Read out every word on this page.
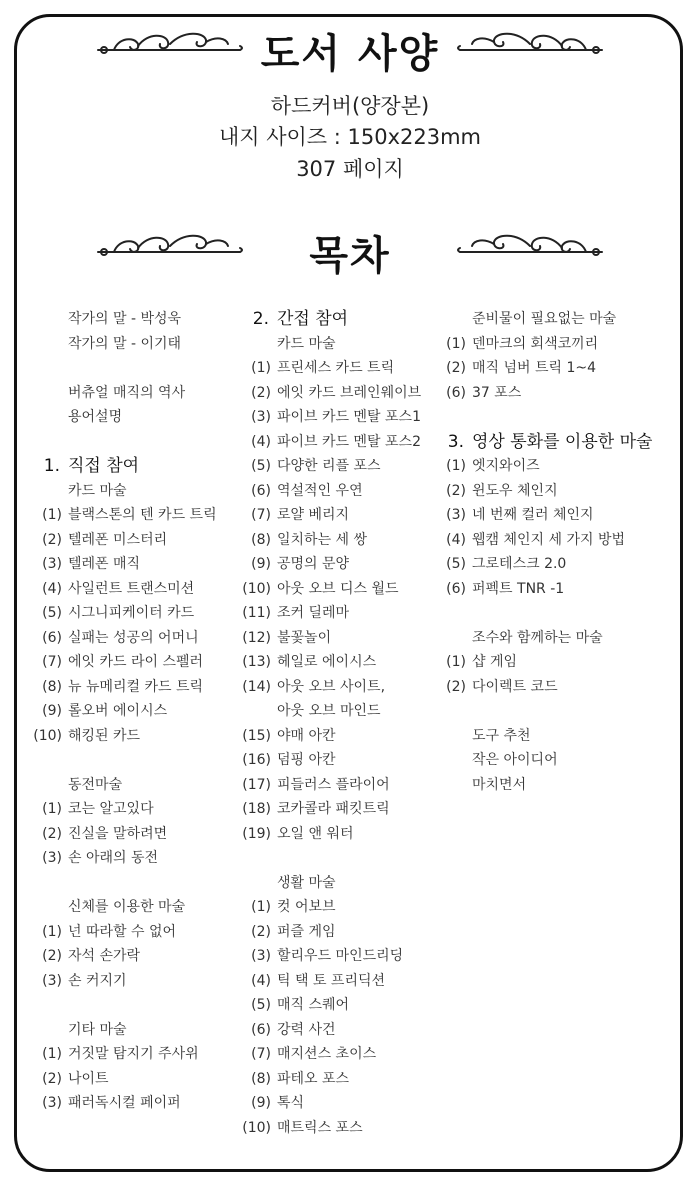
도서 사양
하드커버(양장본)
내지 사이즈 : 150x223mm
307 페이지
목차
작가의 말 - 박성욱
작가의 말 - 이기태
버츄얼 매직의 역사
용어설명
1. 직접 참여
카드 마술
(1) 블랙스톤의 텐 카드 트릭
(2) 텔레폰 미스터리
(3) 텔레폰 매직
(4) 사일런트 트랜스미션
(5) 시그니피케이터 카드
(6) 실패는 성공의 어머니
(7) 에잇 카드 라이 스펠러
(8) 뉴 뉴메리컬 카드 트릭
(9) 롤오버 에이시스
(10) 해킹된 카드
동전마술
(1) 코는 알고있다
(2) 진실을 말하려면
(3) 손 아래의 동전
신체를 이용한 마술
(1) 넌 따라할 수 없어
(2) 자석 손가락
(3) 손 커지기
기타 마술
(1) 거짓말 탐지기 주사위
(2) 나이트
(3) 패러독시컬 페이퍼
2. 간접 참여
카드 마술
(1) 프린세스 카드 트릭
(2) 에잇 카드 브레인웨이브
(3) 파이브 카드 멘탈 포스1
(4) 파이브 카드 멘탈 포스2
(5) 다양한 리플 포스
(6) 역설적인 우연
(7) 로얄 베리지
(8) 일치하는 세 쌍
(9) 공명의 문양
(10) 아웃 오브 디스 월드
(11) 조커 딜레마
(12) 불꽃놀이
(13) 헤일로 에이시스
(14) 아웃 오브 사이트,
아웃 오브 마인드
(15) 야매 아칸
(16) 덤핑 아칸
(17) 피들러스 플라이어
(18) 코카콜라 패킷트릭
(19) 오일 앤 워터
생활 마술
(1) 컷 어보브
(2) 퍼즐 게임
(3) 할리우드 마인드리딩
(4) 틱 택 토 프리딕션
(5) 매직 스퀘어
(6) 강력 사건
(7) 매지션스 초이스
(8) 파테오 포스
(9) 톡식
(10) 매트릭스 포스
준비물이 필요없는 마술
(1) 덴마크의 회색코끼리
(2) 매직 넘버 트릭 1~4
(6) 37 포스
3. 영상 통화를 이용한 마술
(1) 엣지와이즈
(2) 윈도우 체인지
(3) 네 번째 컬러 체인지
(4) 웹캠 체인지 세 가지 방법
(5) 그로테스크 2.0
(6) 퍼펙트 TNR -1
조수와 함께하는 마술
(1) 샵 게임
(2) 다이렉트 코드
도구 추천
작은 아이디어
마치면서
